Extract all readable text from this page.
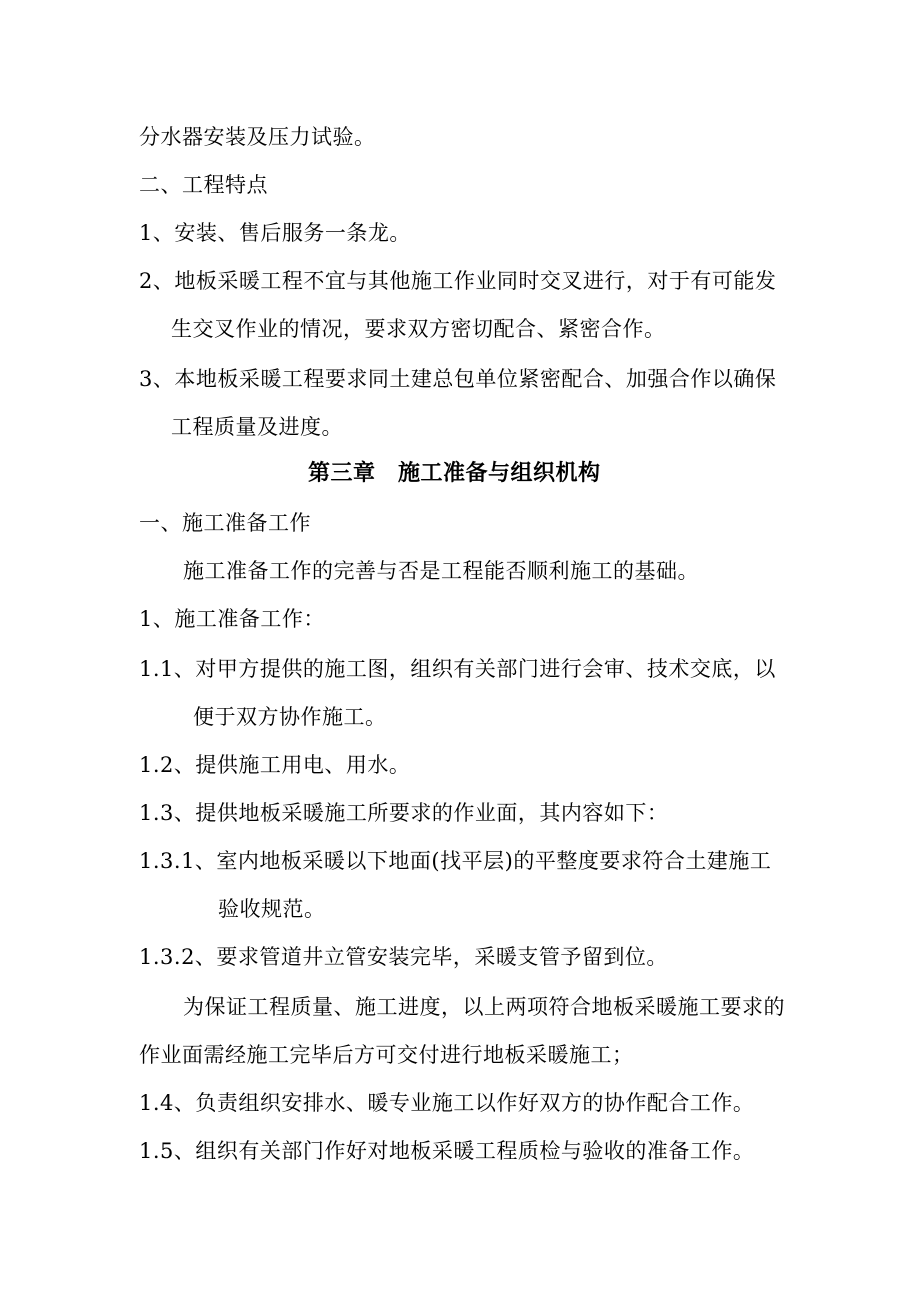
分水器安装及压力试验。
二、工程特点
1、安装、售后服务一条龙。
2、地板采暖工程不宜与其他施工作业同时交叉进行，对于有可能发
生交叉作业的情况，要求双方密切配合、紧密合作。
3、本地板采暖工程要求同土建总包单位紧密配合、加强合作以确保
工程质量及进度。
第三章　施工准备与组织机构
一、施工准备工作
施工准备工作的完善与否是工程能否顺利施工的基础。
1、施工准备工作：
1.1、对甲方提供的施工图，组织有关部门进行会审、技术交底，以
便于双方协作施工。
1.2、提供施工用电、用水。
1.3、提供地板采暖施工所要求的作业面，其内容如下：
1.3.1、室内地板采暖以下地面(找平层)的平整度要求符合土建施工
验收规范。
1.3.2、要求管道井立管安装完毕，采暖支管予留到位。
为保证工程质量、施工进度，以上两项符合地板采暖施工要求的
作业面需经施工完毕后方可交付进行地板采暖施工；
1.4、负责组织安排水、暖专业施工以作好双方的协作配合工作。
1.5、组织有关部门作好对地板采暖工程质检与验收的准备工作。
